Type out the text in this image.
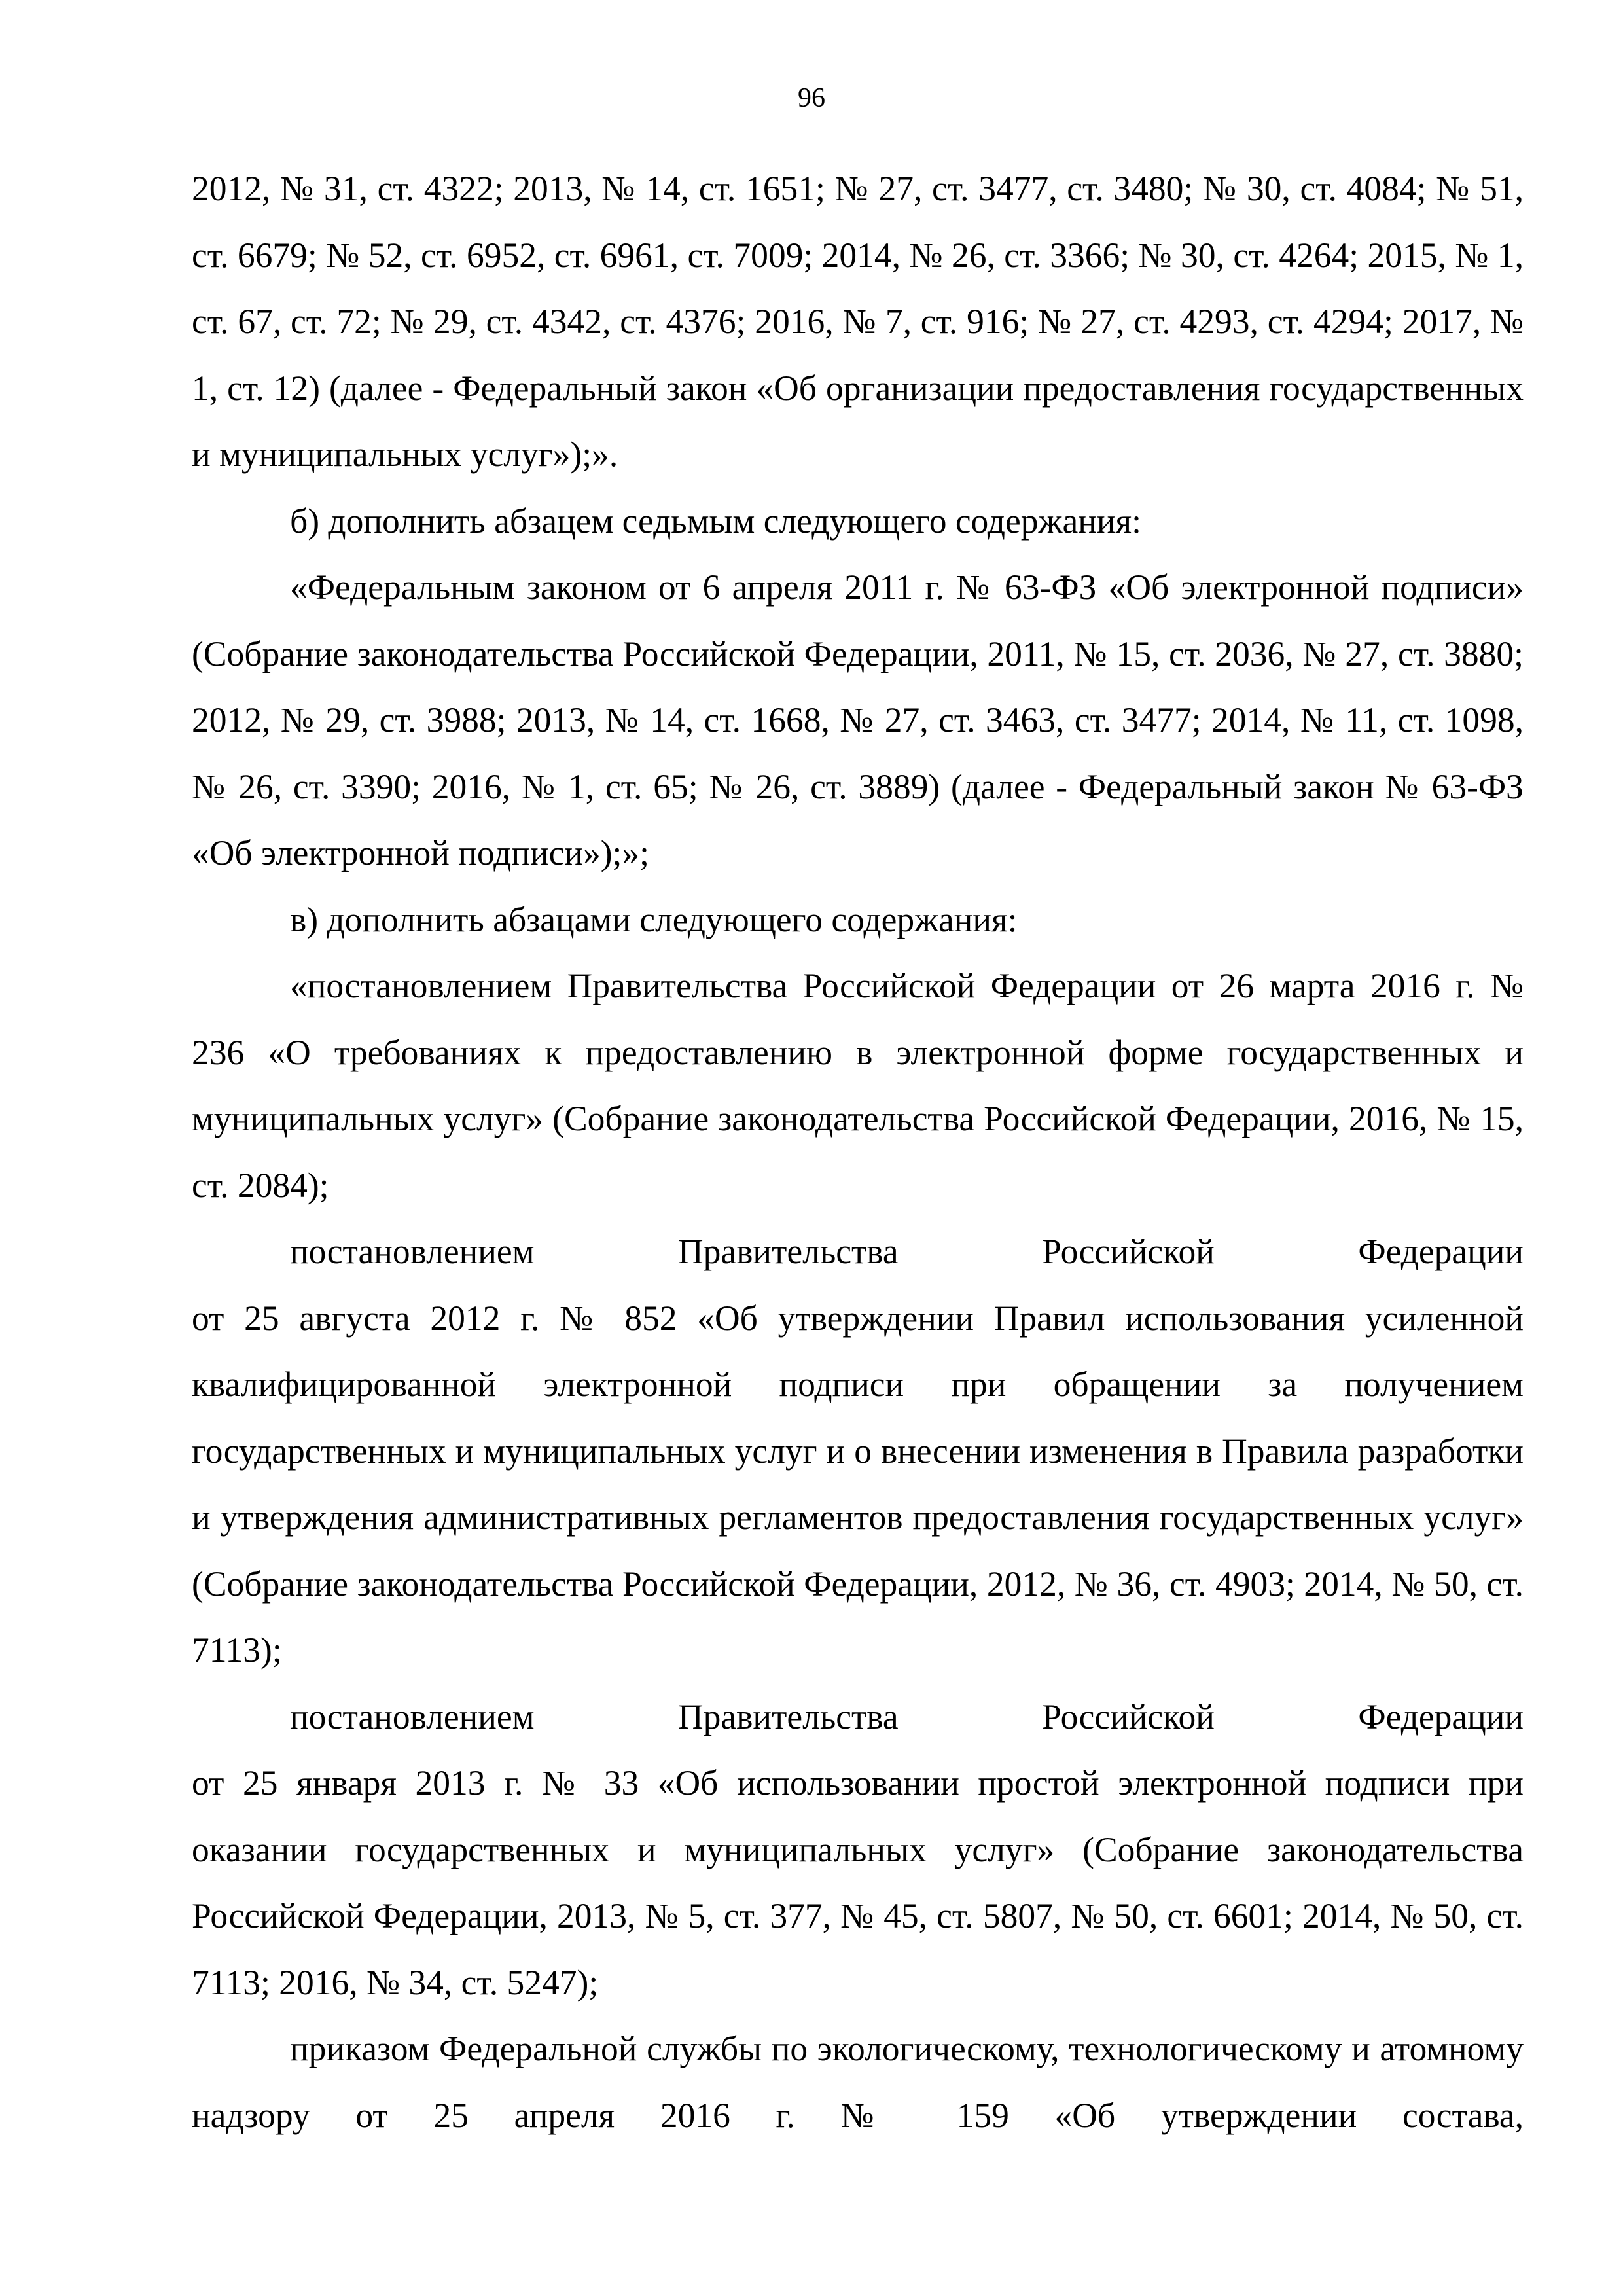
96

2012, № 31, ст. 4322; 2013, № 14, ст. 1651; № 27, ст. 3477, ст. 3480; № 30, ст. 4084; № 51, ст. 6679; № 52, ст. 6952, ст. 6961, ст. 7009; 2014, № 26, ст. 3366; № 30, ст. 4264; 2015, № 1, ст. 67, ст. 72; № 29, ст. 4342, ст. 4376; 2016, № 7, ст. 916; № 27, ст. 4293, ст. 4294; 2017, № 1, ст. 12) (далее - Федеральный закон «Об организации предоставления государственных и муниципальных услуг»);».

б) дополнить абзацем седьмым следующего содержания:

«Федеральным законом от 6 апреля 2011 г. № 63-ФЗ «Об электронной подписи» (Собрание законодательства Российской Федерации, 2011, № 15, ст. 2036, № 27, ст. 3880; 2012, № 29, ст. 3988; 2013, № 14, ст. 1668, № 27, ст. 3463, ст. 3477; 2014, № 11, ст. 1098, № 26, ст. 3390; 2016, № 1, ст. 65; № 26, ст. 3889) (далее - Федеральный закон № 63-ФЗ «Об электронной подписи»);»;

в) дополнить абзацами следующего содержания:

«постановлением Правительства Российской Федерации от 26 марта 2016 г. № 236 «О требованиях к предоставлению в электронной форме государственных и муниципальных услуг» (Собрание законодательства Российской Федерации, 2016, № 15, ст. 2084);

постановлением Правительства Российской Федерации

от 25 августа 2012 г. № 852 «Об утверждении Правил использования усиленной квалифицированной электронной подписи при обращении за получением государственных и муниципальных услуг и о внесении изменения в Правила разработки и утверждения административных регламентов предоставления государственных услуг» (Собрание законодательства Российской Федерации, 2012, № 36, ст. 4903; 2014, № 50, ст. 7113);

постановлением Правительства Российской Федерации

от 25 января 2013 г. № 33 «Об использовании простой электронной подписи при оказании государственных и муниципальных услуг» (Собрание законодательства Российской Федерации, 2013, № 5, ст. 377, № 45, ст. 5807, № 50, ст. 6601; 2014, № 50, ст. 7113; 2016, № 34, ст. 5247);

приказом Федеральной службы по экологическому, технологическому и атомному надзору от 25 апреля 2016 г. № 159 «Об утверждении состава,
